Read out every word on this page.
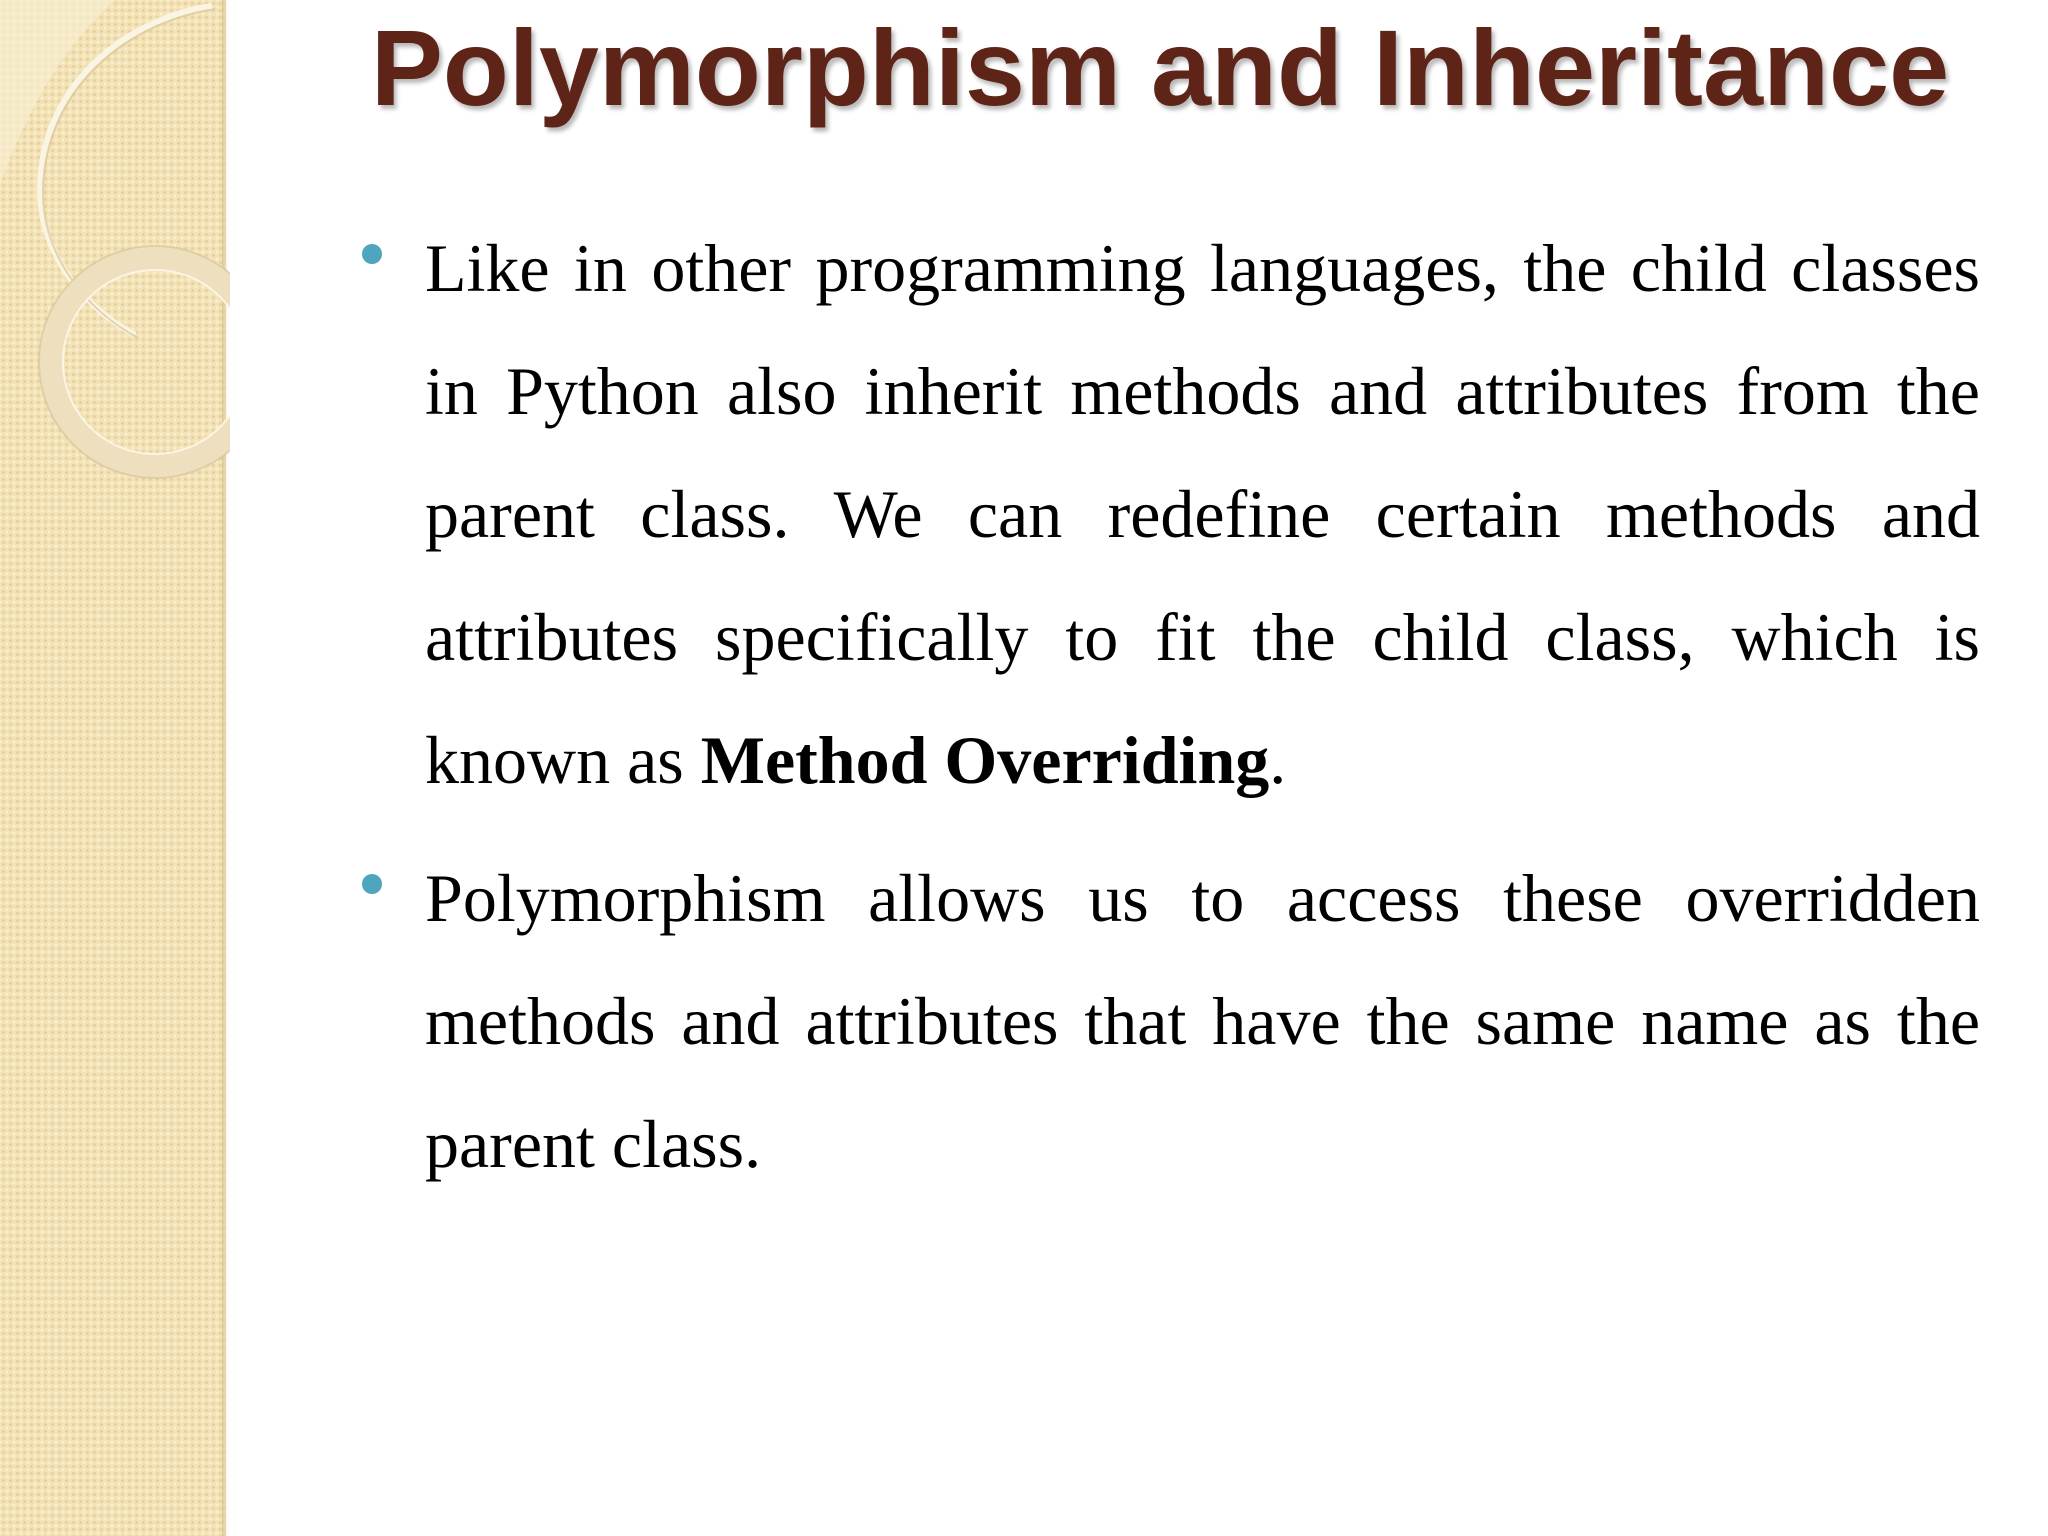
Polymorphism and Inheritance
Like in other programming languages, the child classes in Python also inherit methods and attributes from the parent class. We can redefine certain methods and attributes specifically to fit the child class, which is known as Method Overriding.
Polymorphism allows us to access these overridden methods and attributes that have the same name as the parent class.
